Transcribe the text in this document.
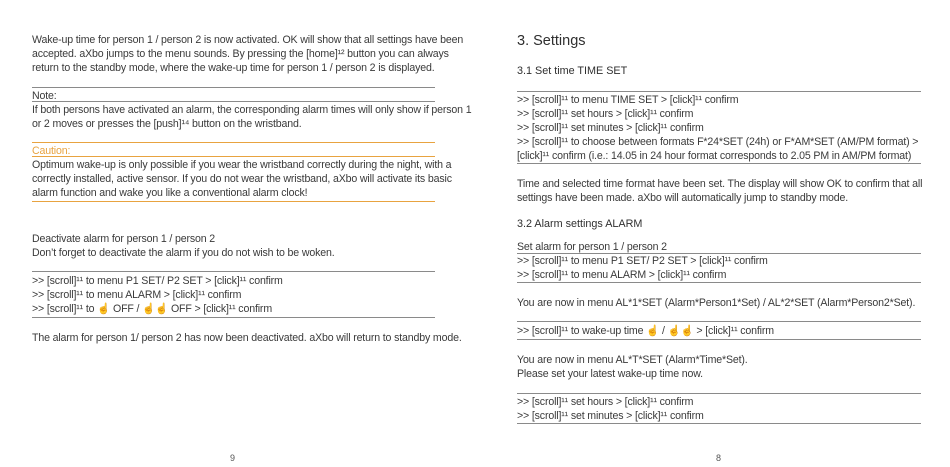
Wake-up time for person 1 / person 2 is now activated. OK will show that all settings have been
accepted. aXbo jumps to the menu sounds. By pressing the [home]¹² button you can always
return to the standby mode, where the wake-up time for person 1 / person 2 is displayed.
Note:
If both persons have activated an alarm, the corresponding alarm times will only show if person 1
or 2 moves or presses the [push]¹⁴ button on the wristband.
Caution:
Optimum wake-up is only possible if you wear the wristband correctly during the night, with a
correctly installed, active sensor. If you do not wear the wristband, aXbo will activate its basic
alarm function and wake you like a conventional alarm clock!
Deactivate alarm for person 1 / person 2
Don’t forget to deactivate the alarm if you do not wish to be woken.
>> [scroll]¹¹ to menu P1 SET/ P2 SET > [click]¹¹ confirm
>> [scroll]¹¹ to menu ALARM > [click]¹¹ confirm
>> [scroll]¹¹ to ☝ OFF / ☝☝ OFF > [click]¹¹ confirm
The alarm for person 1/ person 2 has now been deactivated. aXbo will return to standby mode.
9
3. Settings
3.1 Set time TIME SET
>> [scroll]¹¹ to menu TIME SET > [click]¹¹ confirm
>> [scroll]¹¹ set hours > [click]¹¹ confirm
>> [scroll]¹¹ set minutes > [click]¹¹ confirm
>> [scroll]¹¹ to choose between formats F*24*SET (24h) or F*AM*SET (AM/PM format) >
[click]¹¹ confirm (i.e.: 14.05 in 24 hour format corresponds to 2.05 PM in AM/PM format)
Time and selected time format have been set. The display will show OK to confirm that all
settings have been made. aXbo will automatically jump to standby mode.
3.2 Alarm settings ALARM
Set alarm for person 1 / person 2
>> [scroll]¹¹ to menu P1 SET/ P2 SET > [click]¹¹ confirm
>> [scroll]¹¹ to menu ALARM > [click]¹¹ confirm
You are now in menu AL*1*SET (Alarm*Person1*Set) / AL*2*SET (Alarm*Person2*Set).
>> [scroll]¹¹ to wake-up time ☝ / ☝☝ > [click]¹¹ confirm
You are now in menu AL*T*SET (Alarm*Time*Set).
Please set your latest wake-up time now.
>> [scroll]¹¹ set hours > [click]¹¹ confirm
>> [scroll]¹¹ set minutes > [click]¹¹ confirm
8
